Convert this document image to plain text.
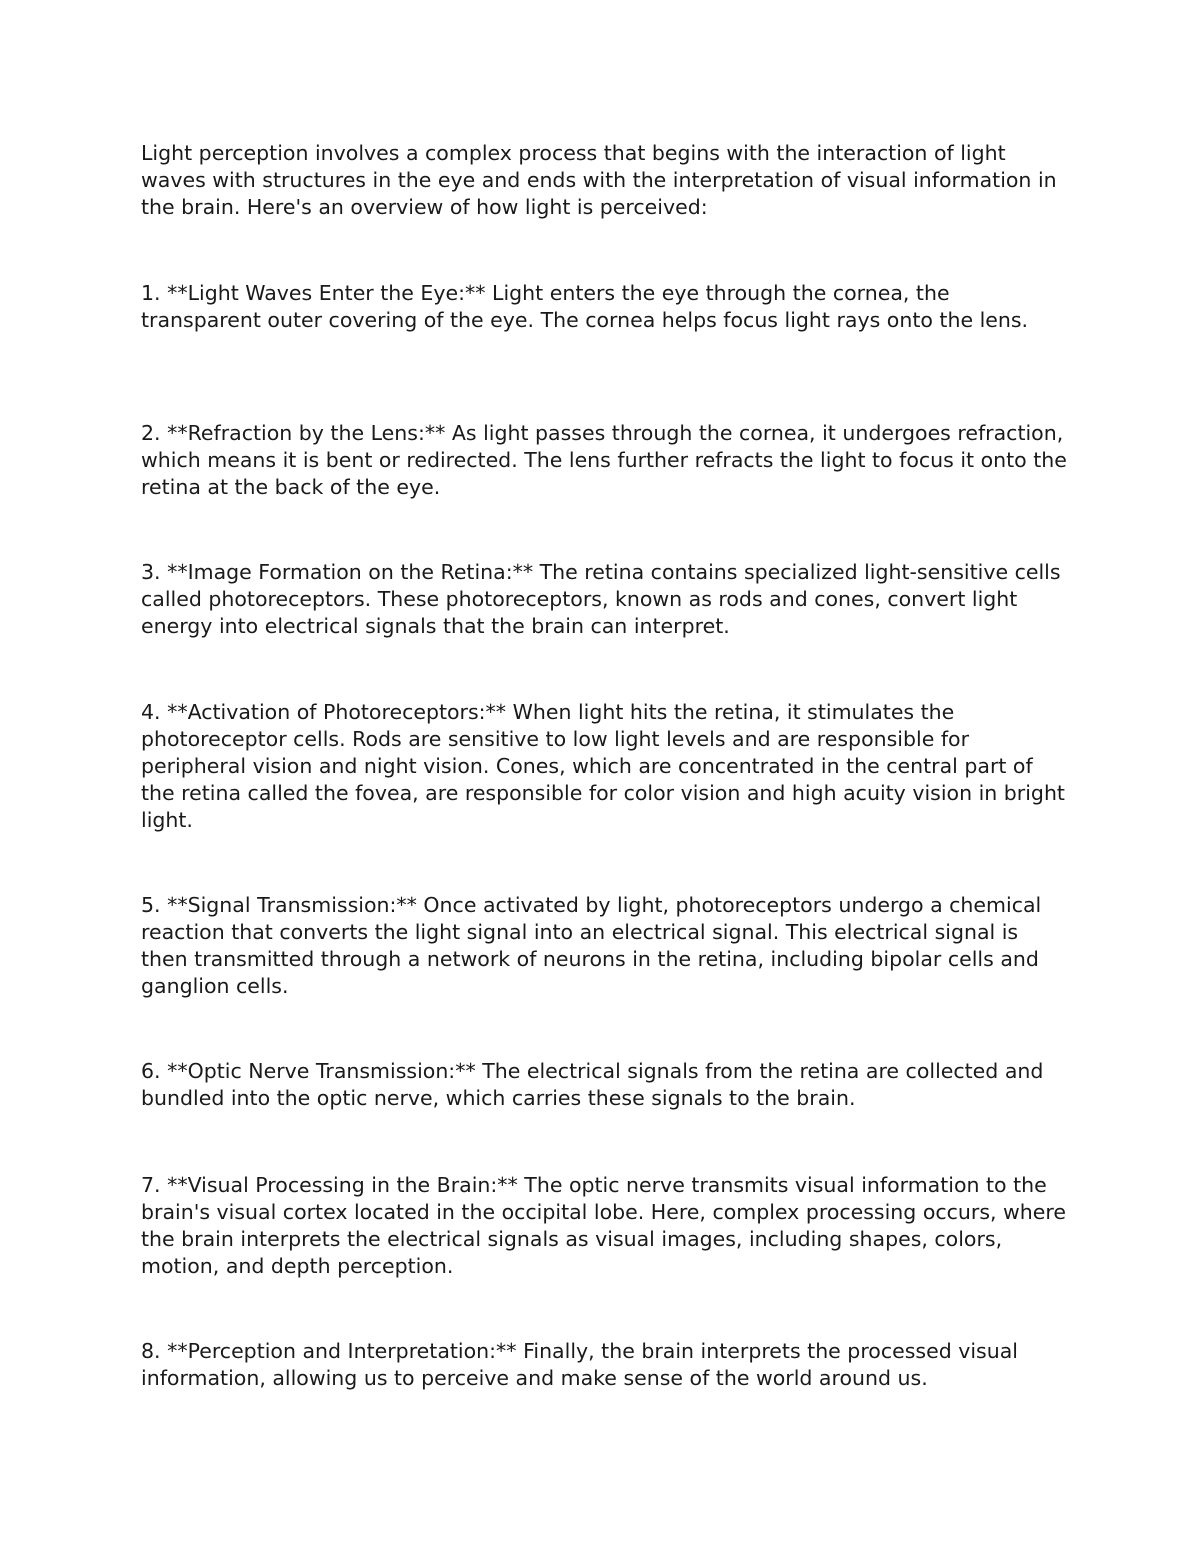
Light perception involves a complex process that begins with the interaction of light waves with structures in the eye and ends with the interpretation of visual information in the brain. Here's an overview of how light is perceived:

1. **Light Waves Enter the Eye:** Light enters the eye through the cornea, the transparent outer covering of the eye. The cornea helps focus light rays onto the lens.

2. **Refraction by the Lens:** As light passes through the cornea, it undergoes refraction, which means it is bent or redirected. The lens further refracts the light to focus it onto the retina at the back of the eye.

3. **Image Formation on the Retina:** The retina contains specialized light-sensitive cells called photoreceptors. These photoreceptors, known as rods and cones, convert light energy into electrical signals that the brain can interpret.

4. **Activation of Photoreceptors:** When light hits the retina, it stimulates the photoreceptor cells. Rods are sensitive to low light levels and are responsible for peripheral vision and night vision. Cones, which are concentrated in the central part of the retina called the fovea, are responsible for color vision and high acuity vision in bright light.

5. **Signal Transmission:** Once activated by light, photoreceptors undergo a chemical reaction that converts the light signal into an electrical signal. This electrical signal is then transmitted through a network of neurons in the retina, including bipolar cells and ganglion cells.

6. **Optic Nerve Transmission:** The electrical signals from the retina are collected and bundled into the optic nerve, which carries these signals to the brain.

7. **Visual Processing in the Brain:** The optic nerve transmits visual information to the brain's visual cortex located in the occipital lobe. Here, complex processing occurs, where the brain interprets the electrical signals as visual images, including shapes, colors, motion, and depth perception.

8. **Perception and Interpretation:** Finally, the brain interprets the processed visual information, allowing us to perceive and make sense of the world around us.
